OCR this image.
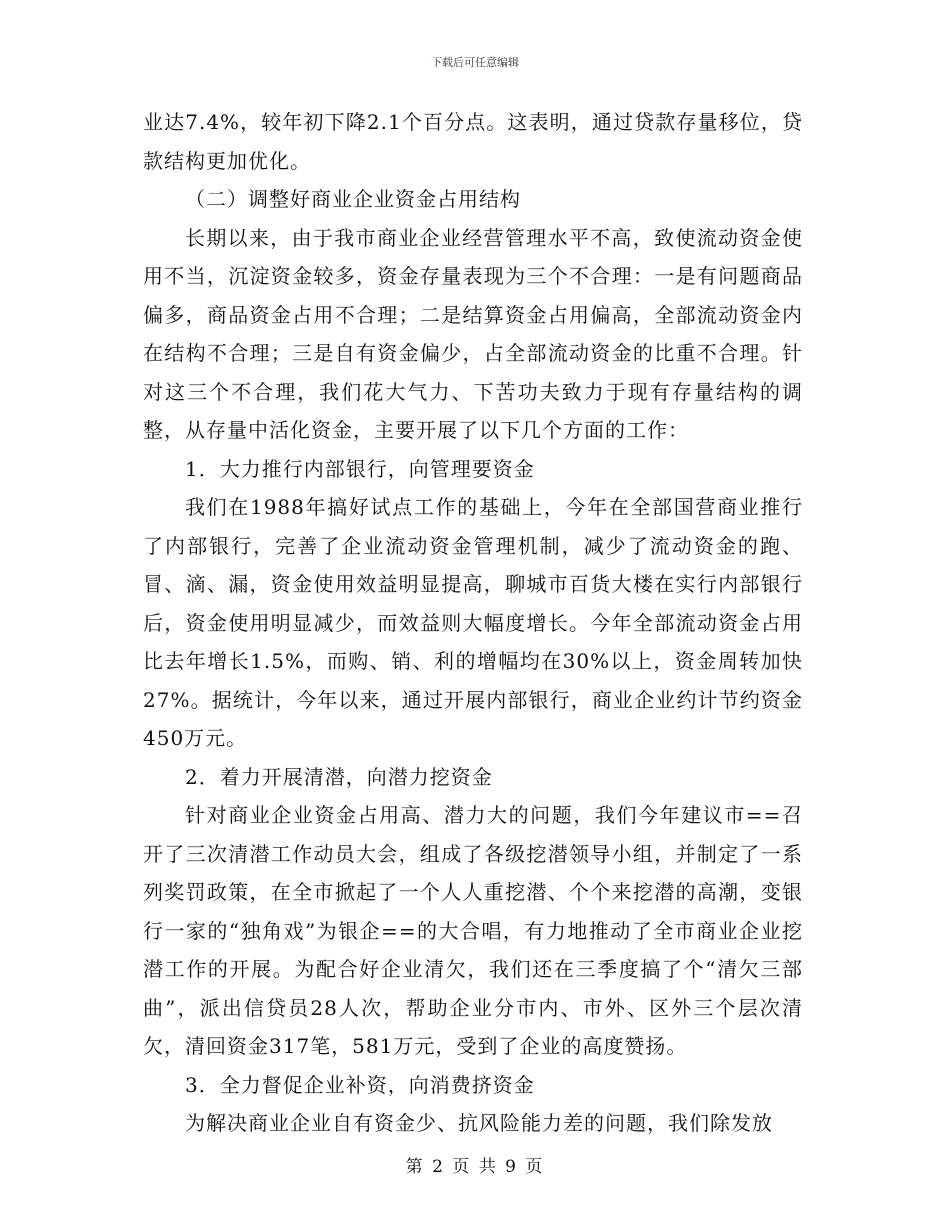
下载后可任意编辑

业达7.4%，较年初下降2.1个百分点。这表明，通过贷款存量移位，贷款结构更加优化。

（二）调整好商业企业资金占用结构

长期以来，由于我市商业企业经营管理水平不高，致使流动资金使用不当，沉淀资金较多，资金存量表现为三个不合理：一是有问题商品偏多，商品资金占用不合理；二是结算资金占用偏高，全部流动资金内在结构不合理；三是自有资金偏少，占全部流动资金的比重不合理。针对这三个不合理，我们花大气力、下苦功夫致力于现有存量结构的调整，从存量中活化资金，主要开展了以下几个方面的工作：

1．大力推行内部银行，向管理要资金

我们在1988年搞好试点工作的基础上，今年在全部国营商业推行了内部银行，完善了企业流动资金管理机制，减少了流动资金的跑、冒、滴、漏，资金使用效益明显提高，聊城市百货大楼在实行内部银行后，资金使用明显减少，而效益则大幅度增长。今年全部流动资金占用比去年增长1.5%，而购、销、利的增幅均在30%以上，资金周转加快27%。据统计，今年以来，通过开展内部银行，商业企业约计节约资金450万元。

2．着力开展清潜，向潜力挖资金

针对商业企业资金占用高、潜力大的问题，我们今年建议市==召开了三次清潜工作动员大会，组成了各级挖潜领导小组，并制定了一系列奖罚政策，在全市掀起了一个人人重挖潜、个个来挖潜的高潮，变银行一家的“独角戏”为银企==的大合唱，有力地推动了全市商业企业挖潜工作的开展。为配合好企业清欠，我们还在三季度搞了个“清欠三部曲”，派出信贷员28人次，帮助企业分市内、市外、区外三个层次清欠，清回资金317笔，581万元，受到了企业的高度赞扬。

3．全力督促企业补资，向消费挤资金

为解决商业企业自有资金少、抗风险能力差的问题，我们除发放

第 2 页 共 9 页
